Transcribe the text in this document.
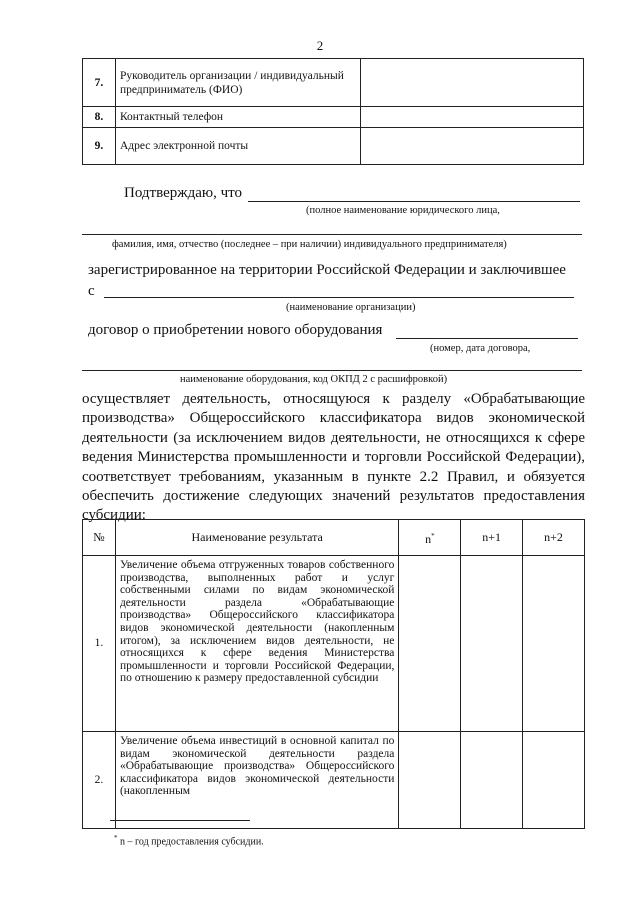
2
7.	Руководитель организации / индивидуальный предприниматель (ФИО)	
8.	Контактный телефон	
9.	Адрес электронной почты	
Подтверждаю, что
(полное наименование юридического лица,
фамилия, имя, отчество (последнее – при наличии) индивидуального предпринимателя)
зарегистрированное на территории Российской Федерации и заключившее
с
(наименование организации)
договор о приобретении нового оборудования
(номер, дата договора,
наименование оборудования, код ОКПД 2 с расшифровкой)
осуществляет деятельность, относящуюся к разделу «Обрабатывающие производства» Общероссийского классификатора видов экономической деятельности (за исключением видов деятельности, не относящихся к сфере ведения Министерства промышленности и торговли Российской Федерации), соответствует требованиям, указанным в пункте 2.2 Правил, и обязуется обеспечить достижение следующих значений результатов предоставления субсидии:
№	Наименование результата	n*	n+1	n+2
1.	Увеличение объема отгруженных товаров собственного производства, выполненных работ и услуг собственными силами по видам экономической деятельности раздела «Обрабатывающие производства» Общероссийского классификатора видов экономической деятельности (накопленным итогом), за исключением видов деятельности, не относящихся к сфере ведения Министерства промышленности и торговли Российской Федерации, по отношению к размеру предоставленной субсидии			
2.	Увеличение объема инвестиций в основной капитал по видам экономической деятельности раздела «Обрабатывающие производства» Общероссийского классификатора видов экономической деятельности (накопленным			
* n – год предоставления субсидии.
